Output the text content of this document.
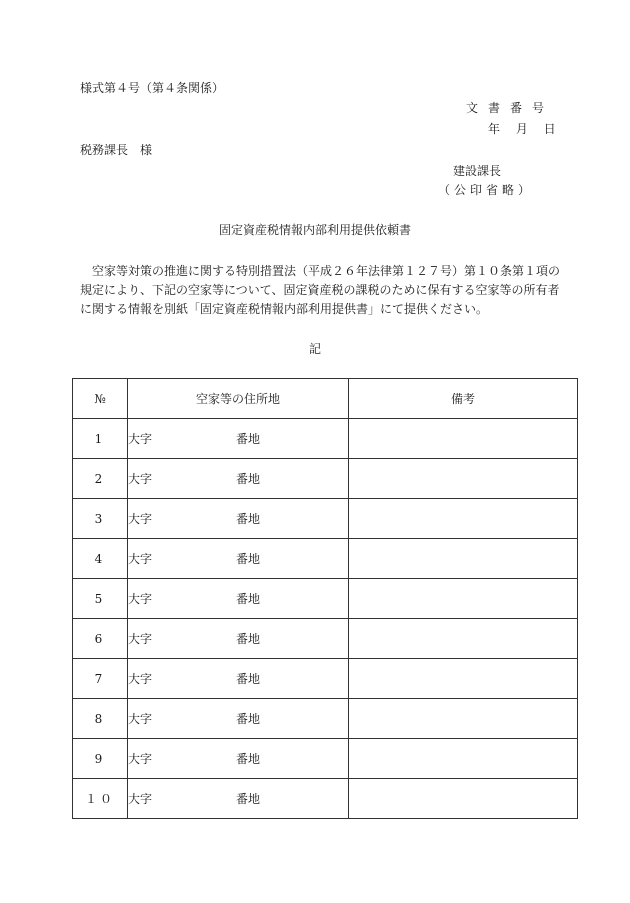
様式第４号（第４条関係）
文書番号
年 月 日
税務課長　様
建設課長
（公印省略）
固定資産税情報内部利用提供依頼書
空家等対策の推進に関する特別措置法（平成２６年法律第１２７号）第１０条第１項の
規定により、下記の空家等について、固定資産税の課税のために保有する空家等の所有者
に関する情報を別紙「固定資産税情報内部利用提供書」にて提供ください。
記
№	空家等の住所地	備考
1	大字 番地	
2	大字 番地	
3	大字 番地	
4	大字 番地	
5	大字 番地	
6	大字 番地	
7	大字 番地	
8	大字 番地	
9	大字 番地	
１０	大字 番地	
